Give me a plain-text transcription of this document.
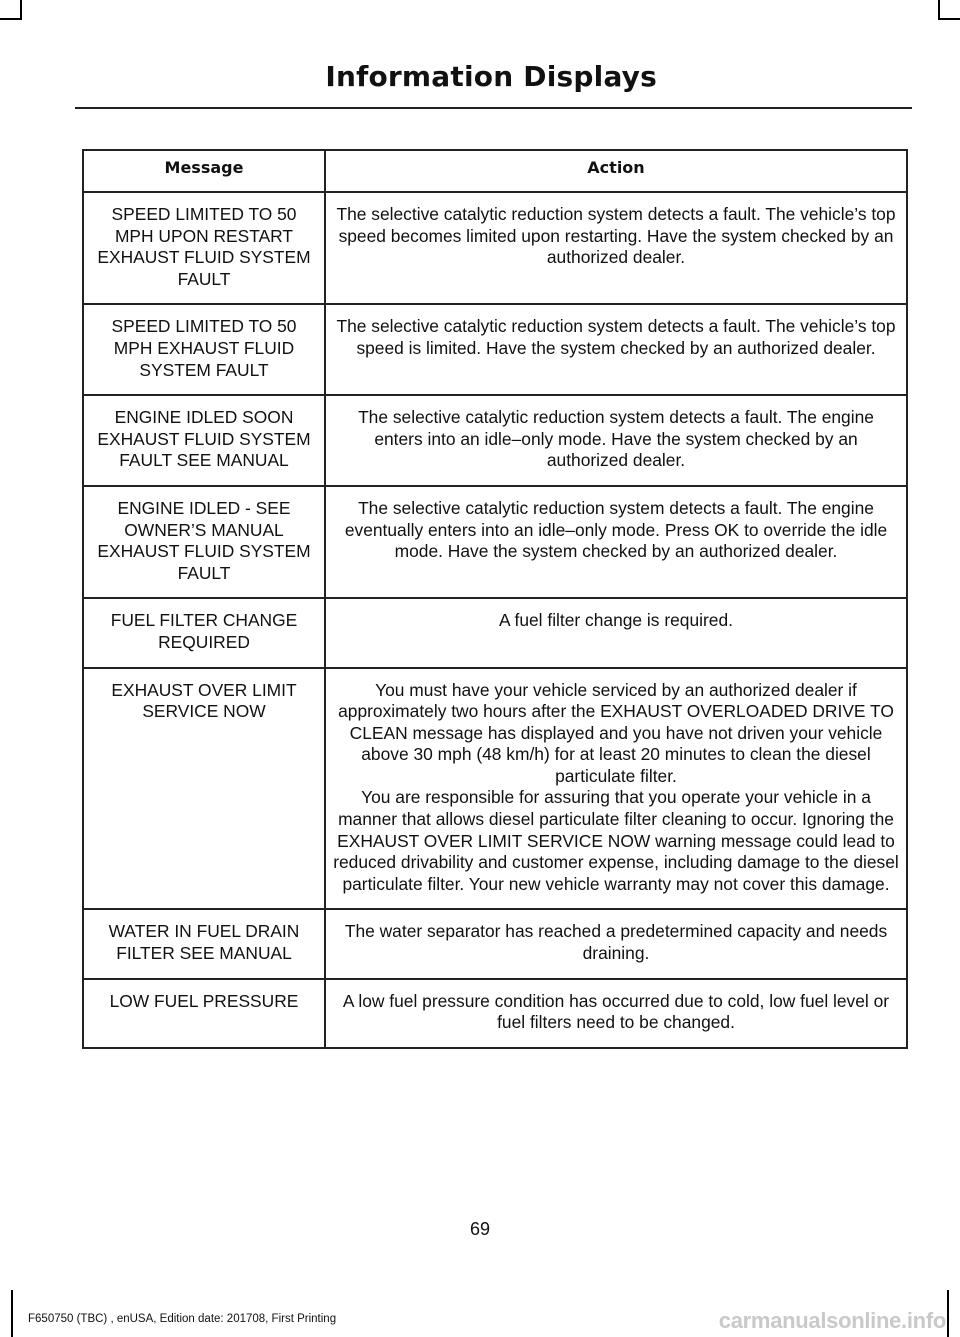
Information Displays
Message	Action
SPEED LIMITED TO 50 MPH UPON RESTART EXHAUST FLUID SYSTEM FAULT	The selective catalytic reduction system detects a fault. The vehicle’s top speed becomes limited upon restarting. Have the system checked by an authorized dealer.

SPEED LIMITED TO 50 MPH EXHAUST FLUID SYSTEM FAULT	The selective catalytic reduction system detects a fault. The vehicle’s top speed is limited. Have the system checked by an authorized dealer.

ENGINE IDLED SOON EXHAUST FLUID SYSTEM FAULT SEE MANUAL	The selective catalytic reduction system detects a fault. The engine enters into an idle–only mode. Have the system checked by an authorized dealer.

ENGINE IDLED - SEE OWNER’S MANUAL EXHAUST FLUID SYSTEM FAULT	The selective catalytic reduction system detects a fault. The engine eventually enters into an idle–only mode. Press OK to override the idle mode. Have the system checked by an authorized dealer.

FUEL FILTER CHANGE REQUIRED	A fuel filter change is required.

EXHAUST OVER LIMIT SERVICE NOW	You must have your vehicle serviced by an authorized dealer if approximately two hours after the EXHAUST OVERLOADED DRIVE TO CLEAN message has displayed and you have not driven your vehicle above 30 mph (48 km/h) for at least 20 minutes to clean the diesel particulate filter.
You are responsible for assuring that you operate your vehicle in a manner that allows diesel particulate filter cleaning to occur. Ignoring the EXHAUST OVER LIMIT SERVICE NOW warning message could lead to reduced drivability and customer expense, including damage to the diesel particulate filter. Your new vehicle warranty may not cover this damage.

WATER IN FUEL DRAIN FILTER SEE MANUAL	The water separator has reached a predetermined capacity and needs draining.

LOW FUEL PRESSURE	A low fuel pressure condition has occurred due to cold, low fuel level or fuel filters need to be changed.
69
F650750 (TBC) , enUSA, Edition date: 201708, First Printing	carmanualsonline.info
